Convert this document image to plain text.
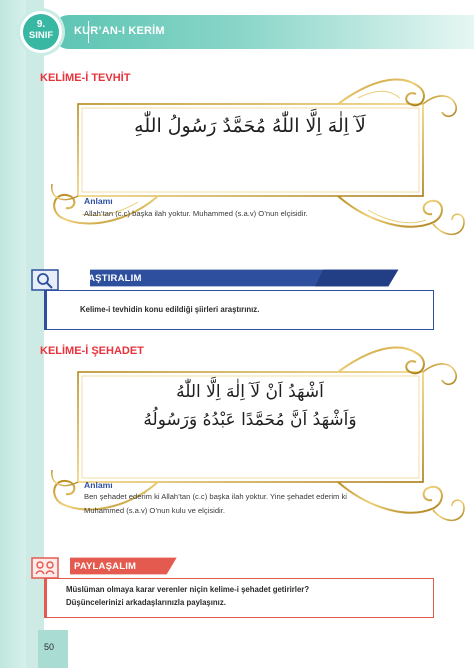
9.
SINIF	KUR’AN-I KERİM
KELİME-İ TEVHİT
لَآ اِلٰهَ اِلَّا اللّٰهُ مُحَمَّدٌ رَسُولُ اللّٰهِ
Anlamı
Allah’tan (c.c) başka ilah yoktur. Muhammed (s.a.v) O’nun elçisidir.
ARAŞTIRALIM
Kelime-i tevhidin konu edildiği şiirleri araştırınız.
KELİME-İ ŞEHADET
اَشْهَدُ اَنْ لَآ اِلٰهَ اِلَّا اللّٰهُ
وَاَشْهَدُ اَنَّ مُحَمَّدًا عَبْدُهُ وَرَسُولُهُ
Anlamı
Ben şehadet ederim ki Allah’tan (c.c) başka ilah yoktur. Yine şehadet ederim ki
Muhammed (s.a.v) O’nun kulu ve elçisidir.
PAYLAŞALIM
Müslüman olmaya karar verenler niçin kelime-i şehadet getirirler?
Düşüncelerinizi arkadaşlarınızla paylaşınız.
50
